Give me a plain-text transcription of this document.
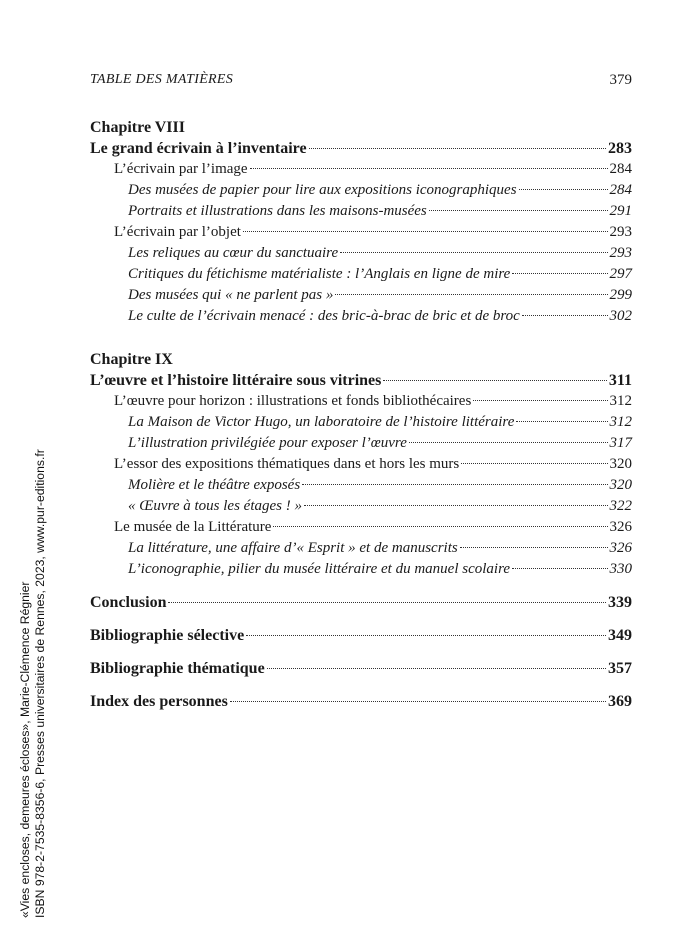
TABLE DES MATIÈRES	379
Chapitre VIII
Le grand écrivain à l’inventaire	283
L’écrivain par l’image	284
Des musées de papier pour lire aux expositions iconographiques	284
Portraits et illustrations dans les maisons-musées	291
L’écrivain par l’objet	293
Les reliques au cœur du sanctuaire	293
Critiques du fétichisme matérialiste : l’Anglais en ligne de mire	297
Des musées qui « ne parlent pas »	299
Le culte de l’écrivain menacé : des bric-à-brac de bric et de broc	302
Chapitre IX
L’œuvre et l’histoire littéraire sous vitrines	311
L’œuvre pour horizon : illustrations et fonds bibliothécaires	312
La Maison de Victor Hugo, un laboratoire de l’histoire littéraire	312
L’illustration privilégiée pour exposer l’œuvre	317
L’essor des expositions thématiques dans et hors les murs	320
Molière et le théâtre exposés	320
« Œuvre à tous les étages ! »	322
Le musée de la Littérature	326
La littérature, une affaire d’« Esprit » et de manuscrits	326
L’iconographie, pilier du musée littéraire et du manuel scolaire	330
Conclusion	339
Bibliographie sélective	349
Bibliographie thématique	357
Index des personnes	369
«Vies encloses, demeures écloses», Marie-Clémence Régnier ISBN 978-2-7535-8356-6, Presses universitaires de Rennes, 2023, www.pur-editions.fr
